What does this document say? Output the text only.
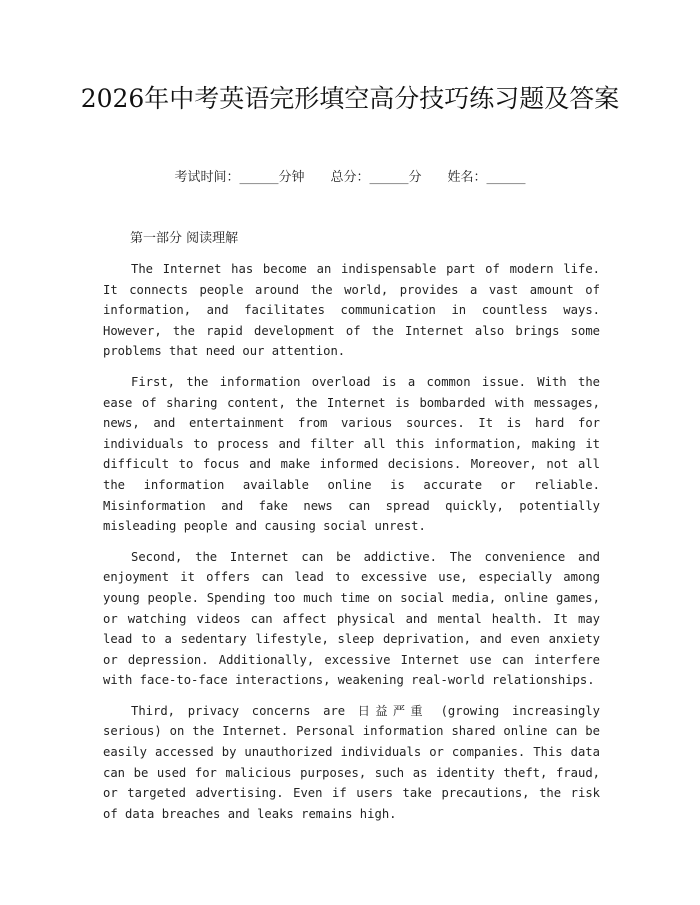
2026年中考英语完形填空高分技巧练习题及答案
考试时间：______分钟 总分：______分 姓名：______
第一部分 阅读理解

The Internet has become an indispensable part of modern life. It connects people around the world, provides a vast amount of information, and facilitates communication in countless ways. However, the rapid development of the Internet also brings some problems that need our attention.

First, the information overload is a common issue. With the ease of sharing content, the Internet is bombarded with messages, news, and entertainment from various sources. It is hard for individuals to process and filter all this information, making it difficult to focus and make informed decisions. Moreover, not all the information available online is accurate or reliable. Misinformation and fake news can spread quickly, potentially misleading people and causing social unrest.

Second, the Internet can be addictive. The convenience and enjoyment it offers can lead to excessive use, especially among young people. Spending too much time on social media, online games, or watching videos can affect physical and mental health. It may lead to a sedentary lifestyle, sleep deprivation, and even anxiety or depression. Additionally, excessive Internet use can interfere with face-to-face interactions, weakening real-world relationships.

Third, privacy concerns are 日益严重 (growing increasingly serious) on the Internet. Personal information shared online can be easily accessed by unauthorized individuals or companies. This data can be used for malicious purposes, such as identity theft, fraud, or targeted advertising. Even if users take precautions, the risk of data breaches and leaks remains high.
